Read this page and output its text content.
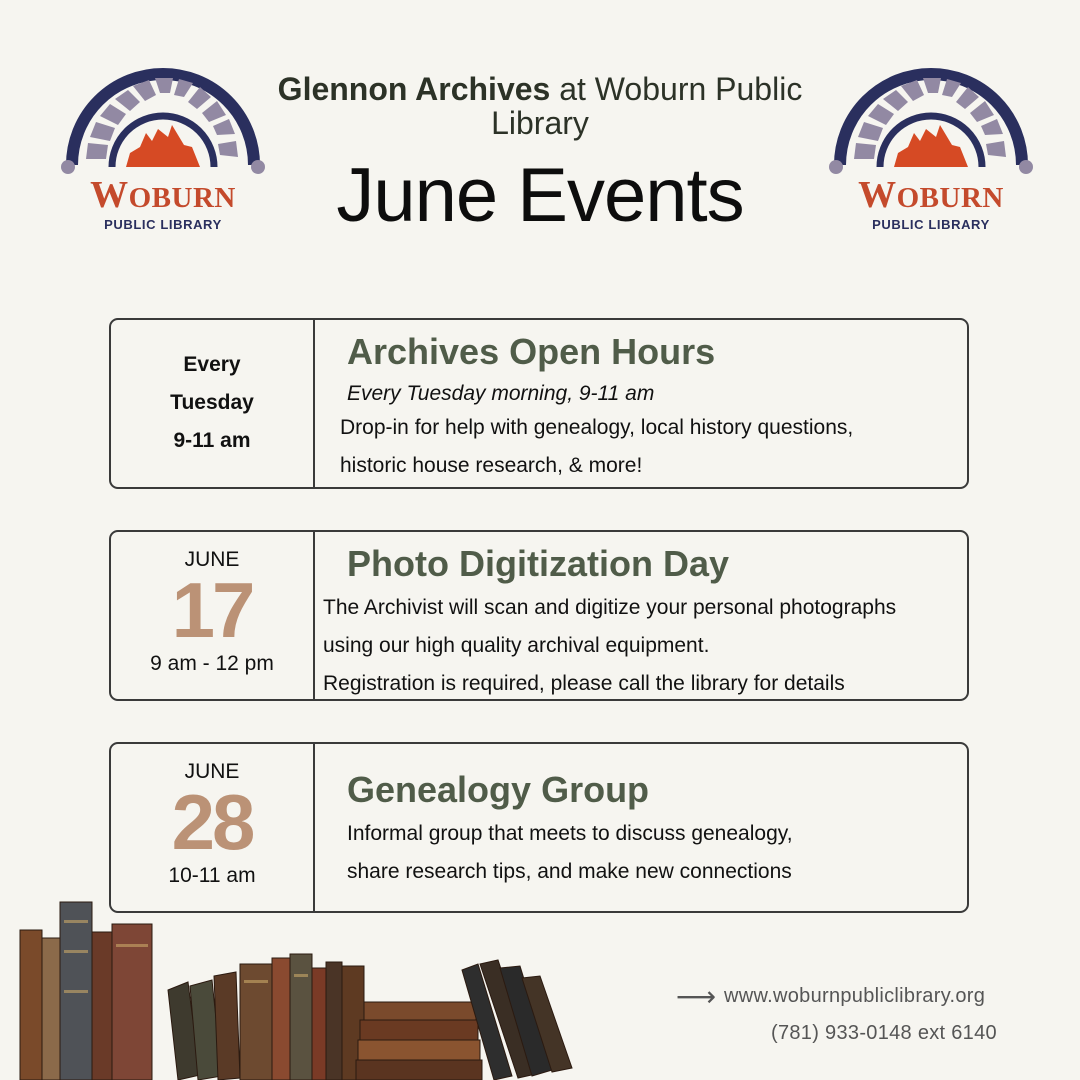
WOBURN
PUBLIC LIBRARY
WOBURN
PUBLIC LIBRARY
Glennon Archives at Woburn Public Library
June Events
Every
Tuesday
9-11 am
Archives Open Hours
Every Tuesday morning, 9-11 am
Drop-in for help with genealogy, local history questions,
historic house research, & more!
JUNE
17
9 am - 12 pm
Photo Digitization Day
The Archivist will scan and digitize your personal photographs
using our high quality archival equipment.
Registration is required, please call the library for details
JUNE
28
10-11 am
Genealogy Group
Informal group that meets to discuss genealogy,
share research tips, and make new connections
⟶ www.woburnpubliclibrary.org
(781) 933-0148 ext 6140
